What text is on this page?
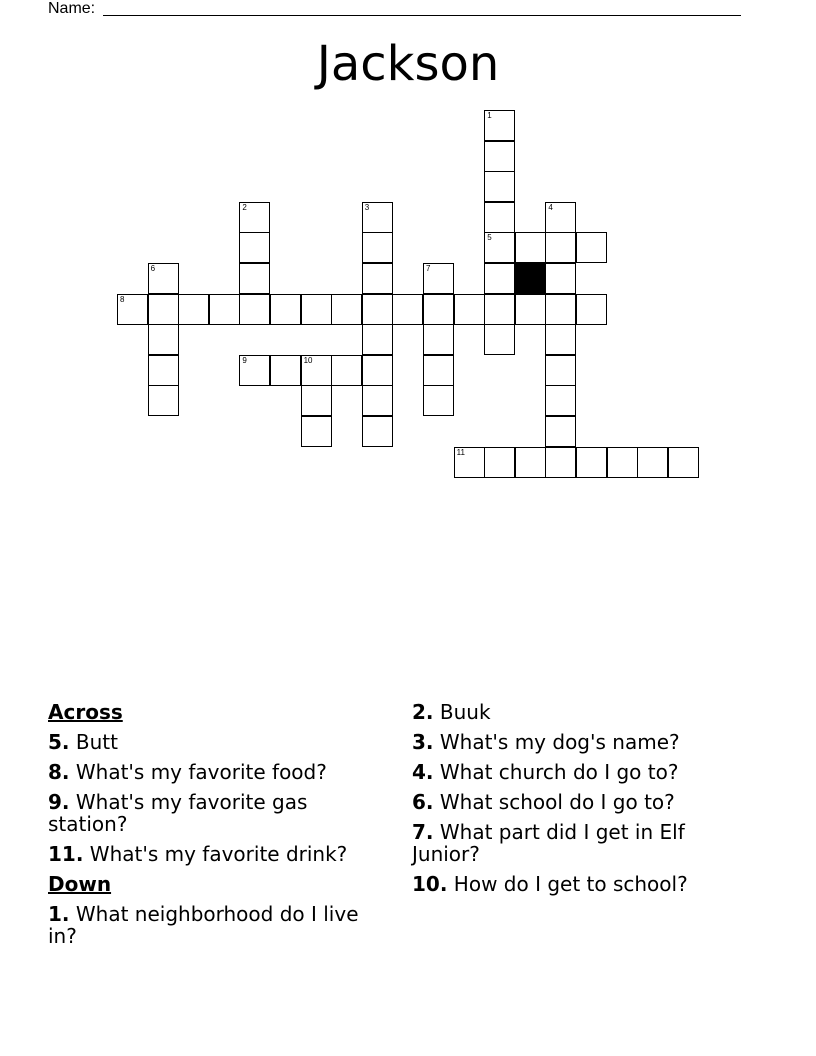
Name:
Jackson
1
2	3	4
5
6	7
8
9	10
11
Across
5. Butt
8. What's my favorite food?
9. What's my favorite gas station?
11. What's my favorite drink?
Down
1. What neighborhood do I live in?
2. Buuk
3. What's my dog's name?
4. What church do I go to?
6. What school do I go to?
7. What part did I get in Elf Junior?
10. How do I get to school?
